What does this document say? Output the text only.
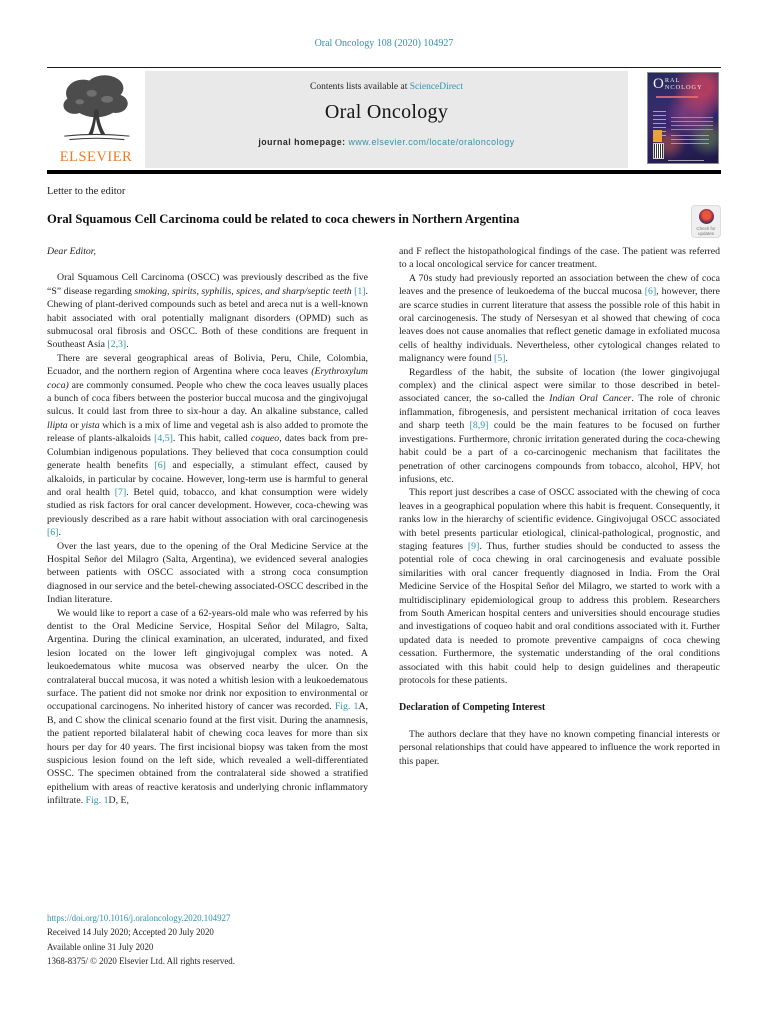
Oral Oncology 108 (2020) 104927
ELSEVIER
Contents lists available at ScienceDirect
Oral Oncology
journal homepage: www.elsevier.com/locate/oraloncology
O RAL
NCOLOGY
Letter to the editor
Oral Squamous Cell Carcinoma could be related to coca chewers in Northern Argentina
Check for updates

Dear Editor,

Oral Squamous Cell Carcinoma (OSCC) was previously described as the five “S” disease regarding smoking, spirits, syphilis, spices, and sharp/septic teeth [1]. Chewing of plant-derived compounds such as betel and areca nut is a well-known habit associated with oral potentially malignant disorders (OPMD) such as submucosal oral fibrosis and OSCC. Both of these conditions are frequent in Southeast Asia [2,3].

There are several geographical areas of Bolivia, Peru, Chile, Colombia, Ecuador, and the northern region of Argentina where coca leaves (Erythroxylum coca) are commonly consumed. People who chew the coca leaves usually places a bunch of coca fibers between the posterior buccal mucosa and the gingivojugal sulcus. It could last from three to six-hour a day. An alkaline substance, called llipta or yista which is a mix of lime and vegetal ash is also added to promote the release of plants-alkaloids [4,5]. This habit, called coqueo, dates back from pre-Columbian indigenous populations. They believed that coca consumption could generate health benefits [6] and especially, a stimulant effect, caused by alkaloids, in particular by cocaine. However, long-term use is harmful to general and oral health [7]. Betel quid, tobacco, and khat consumption were widely studied as risk factors for oral cancer development. However, coca-chewing was previously described as a rare habit without association with oral carcinogenesis [6].

Over the last years, due to the opening of the Oral Medicine Service at the Hospital Señor del Milagro (Salta, Argentina), we evidenced several analogies between patients with OSCC associated with a strong coca consumption diagnosed in our service and the betel-chewing associated-OSCC described in the Indian literature.

We would like to report a case of a 62-years-old male who was referred by his dentist to the Oral Medicine Service, Hospital Señor del Milagro, Salta, Argentina. During the clinical examination, an ulcerated, indurated, and fixed lesion located on the lower left gingivojugal complex was noted. A leukoedematous white mucosa was observed nearby the ulcer. On the contralateral buccal mucosa, it was noted a whitish lesion with a leukoedematous surface. The patient did not smoke nor drink nor exposition to environmental or occupational carcinogens. No inherited history of cancer was recorded. Fig. 1A, B, and C show the clinical scenario found at the first visit. During the anamnesis, the patient reported bilalateral habit of chewing coca leaves for more than six hours per day for 40 years. The first incisional biopsy was taken from the most suspicious lesion found on the left side, which revealed a well-differentiated OSSC. The specimen obtained from the contralateral side showed a stratified epithelium with areas of reactive keratosis and underlying chronic inflammatory infiltrate. Fig. 1D, E,

and F reflect the histopathological findings of the case. The patient was referred to a local oncological service for cancer treatment.

A 70s study had previously reported an association between the chew of coca leaves and the presence of leukoedema of the buccal mucosa [6], however, there are scarce studies in current literature that assess the possible role of this habit in oral carcinogenesis. The study of Nersesyan et al showed that chewing of coca leaves does not cause anomalies that reflect genetic damage in exfoliated mucosa cells of healthy individuals. Nevertheless, other cytological changes related to malignancy were found [5].

Regardless of the habit, the subsite of location (the lower gingivojugal complex) and the clinical aspect were similar to those described in betel-associated cancer, the so-called the Indian Oral Cancer. The role of chronic inflammation, fibrogenesis, and persistent mechanical irritation of coca leaves and sharp teeth [8,9] could be the main features to be focused on further investigations. Furthermore, chronic irritation generated during the coca-chewing habit could be a part of a co-carcinogenic mechanism that facilitates the penetration of other carcinogens compounds from tobacco, alcohol, HPV, hot infusions, etc.

This report just describes a case of OSCC associated with the chewing of coca leaves in a geographical population where this habit is frequent. Consequently, it ranks low in the hierarchy of scientific evidence. Gingivojugal OSCC associated with betel presents particular etiological, clinical-pathological, prognostic, and staging features [9]. Thus, further studies should be conducted to assess the potential role of coca chewing in oral carcinogenesis and evaluate possible similarities with oral cancer frequently diagnosed in India. From the Oral Medicine Service of the Hospital Señor del Milagro, we started to work with a multidisciplinary epidemiological group to address this problem. Researchers from South American hospital centers and universities should encourage studies and investigations of coqueo habit and oral conditions associated with it. Further updated data is needed to promote preventive campaigns of coca chewing cessation. Furthermore, the systematic understanding of the oral conditions associated with this habit could help to design guidelines and therapeutic protocols for these patients.

Declaration of Competing Interest

The authors declare that they have no known competing financial interests or personal relationships that could have appeared to influence the work reported in this paper.

https://doi.org/10.1016/j.oraloncology.2020.104927
Received 14 July 2020; Accepted 20 July 2020
Available online 31 July 2020
1368-8375/ © 2020 Elsevier Ltd. All rights reserved.
